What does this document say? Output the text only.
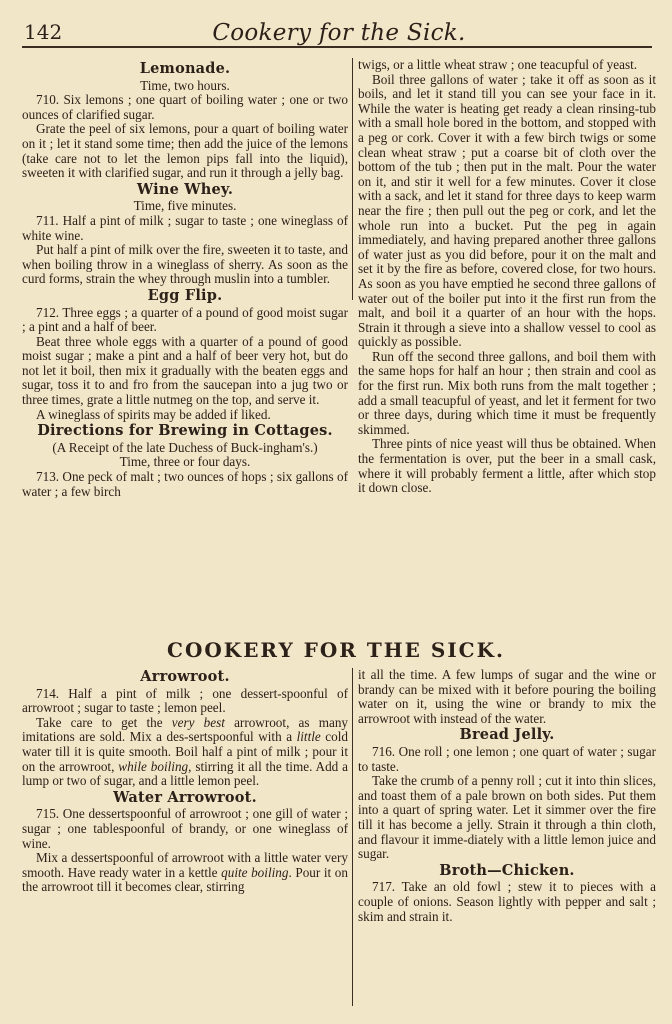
142	Cookery for the Sick.
Lemonade.

Time, two hours.

710. Six lemons ; one quart of boiling water ; one or two ounces of clarified sugar.

Grate the peel of six lemons, pour a quart of boiling water on it ; let it stand some time; then add the juice of the lemons (take care not to let the lemon pips fall into the liquid), sweeten it with clarified sugar, and run it through a jelly bag.

Wine Whey.

Time, five minutes.

711. Half a pint of milk ; sugar to taste ; one wineglass of white wine.

Put half a pint of milk over the fire, sweeten it to taste, and when boiling throw in a wineglass of sherry. As soon as the curd forms, strain the whey through muslin into a tumbler.

Egg Flip.

712. Three eggs ; a quarter of a pound of good moist sugar ; a pint and a half of beer.

Beat three whole eggs with a quarter of a pound of good moist sugar ; make a pint and a half of beer very hot, but do not let it boil, then mix it gradually with the beaten eggs and sugar, toss it to and fro from the saucepan into a jug two or three times, grate a little nutmeg on the top, and serve it.

A wineglass of spirits may be added if liked.

Directions for Brewing in Cottages.

(A Receipt of the late Duchess of Buck-ingham's.)

Time, three or four days.

713. One peck of malt ; two ounces of hops ; six gallons of water ; a few birch

twigs, or a little wheat straw ; one teacupful of yeast.

Boil three gallons of water ; take it off as soon as it boils, and let it stand till you can see your face in it. While the water is heating get ready a clean rinsing-tub with a small hole bored in the bottom, and stopped with a peg or cork. Cover it with a few birch twigs or some clean wheat straw ; put a coarse bit of cloth over the bottom of the tub ; then put in the malt. Pour the water on it, and stir it well for a few minutes. Cover it close with a sack, and let it stand for three days to keep warm near the fire ; then pull out the peg or cork, and let the whole run into a bucket. Put the peg in again immediately, and having prepared another three gallons of water just as you did before, pour it on the malt and set it by the fire as before, covered close, for two hours. As soon as you have emptied he second three gallons of water out of the boiler put into it the first run from the malt, and boil it a quarter of an hour with the hops. Strain it through a sieve into a shallow vessel to cool as quickly as possible.

Run off the second three gallons, and boil them with the same hops for half an hour ; then strain and cool as for the first run. Mix both runs from the malt together ; add a small teacupful of yeast, and let it ferment for two or three days, during which time it must be frequently skimmed.

Three pints of nice yeast will thus be obtained. When the fermentation is over, put the beer in a small cask, where it will probably ferment a little, after which stop it down close.

COOKERY FOR THE SICK.
Arrowroot.

714. Half a pint of milk ; one dessert-spoonful of arrowroot ; sugar to taste ; lemon peel.

Take care to get the very best arrowroot, as many imitations are sold. Mix a des-sertspoonful with a little cold water till it is quite smooth. Boil half a pint of milk ; pour it on the arrowroot, while boiling, stirring it all the time. Add a lump or two of sugar, and a little lemon peel.

Water Arrowroot.

715. One dessertspoonful of arrowroot ; one gill of water ; sugar ; one tablespoonful of brandy, or one wineglass of wine.

Mix a dessertspoonful of arrowroot with a little water very smooth. Have ready water in a kettle quite boiling. Pour it on the arrowroot till it becomes clear, stirring

it all the time. A few lumps of sugar and the wine or brandy can be mixed with it before pouring the boiling water on it, using the wine or brandy to mix the arrowroot with instead of the water.

Bread Jelly.

716. One roll ; one lemon ; one quart of water ; sugar to taste.

Take the crumb of a penny roll ; cut it into thin slices, and toast them of a pale brown on both sides. Put them into a quart of spring water. Let it simmer over the fire till it has become a jelly. Strain it through a thin cloth, and flavour it imme-diately with a little lemon juice and sugar.

Broth—Chicken.

717. Take an old fowl ; stew it to pieces with a couple of onions. Season lightly with pepper and salt ; skim and strain it.
